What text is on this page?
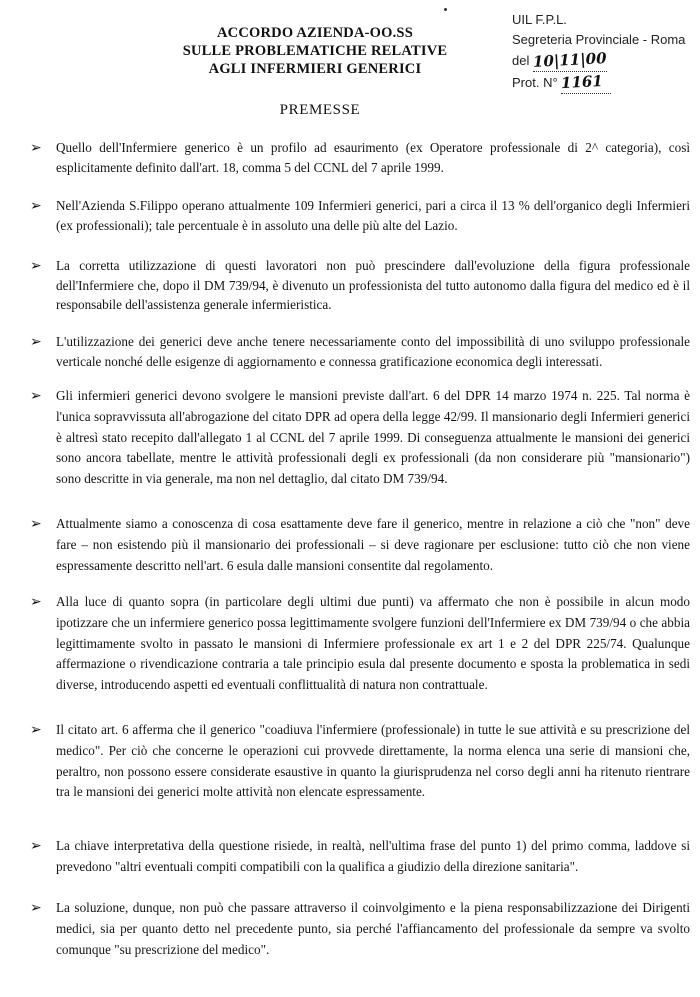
ACCORDO AZIENDA-OO.SS
SULLE PROBLEMATICHE RELATIVE
AGLI INFERMIERI GENERICI
UIL F.P.L.
Segreteria Provinciale - Roma
del 10|11|00
Prot. N° 1161
PREMESSE
➢ Quello dell'Infermiere generico è un profilo ad esaurimento (ex Operatore professionale di 2^ categoria), così esplicitamente definito dall'art. 18, comma 5 del CCNL del 7 aprile 1999.
➢ Nell'Azienda S.Filippo operano attualmente 109 Infermieri generici, pari a circa il 13 % dell'organico degli Infermieri (ex professionali); tale percentuale è in assoluto una delle più alte del Lazio.
➢ La corretta utilizzazione di questi lavoratori non può prescindere dall'evoluzione della figura professionale dell'Infermiere che, dopo il DM 739/94, è divenuto un professionista del tutto autonomo dalla figura del medico ed è il responsabile dell'assistenza generale infermieristica.
➢ L'utilizzazione dei generici deve anche tenere necessariamente conto del impossibilità di uno sviluppo professionale verticale nonché delle esigenze di aggiornamento e connessa gratificazione economica degli interessati.
➢ Gli infermieri generici devono svolgere le mansioni previste dall'art. 6 del DPR 14 marzo 1974 n. 225. Tal norma è l'unica sopravvissuta all'abrogazione del citato DPR ad opera della legge 42/99. Il mansionario degli Infermieri generici è altresì stato recepito dall'allegato 1 al CCNL del 7 aprile 1999. Di conseguenza attualmente le mansioni dei generici sono ancora tabellate, mentre le attività professionali degli ex professionali (da non considerare più "mansionario") sono descritte in via generale, ma non nel dettaglio, dal citato DM 739/94.
➢ Attualmente siamo a conoscenza di cosa esattamente deve fare il generico, mentre in relazione a ciò che "non" deve fare – non esistendo più il mansionario dei professionali – si deve ragionare per esclusione: tutto ciò che non viene espressamente descritto nell'art. 6 esula dalle mansioni consentite dal regolamento.
➢ Alla luce di quanto sopra (in particolare degli ultimi due punti) va affermato che non è possibile in alcun modo ipotizzare che un infermiere generico possa legittimamente svolgere funzioni dell'Infermiere ex DM 739/94 o che abbia legittimamente svolto in passato le mansioni di Infermiere professionale ex art 1 e 2 del DPR 225/74. Qualunque affermazione o rivendicazione contraria a tale principio esula dal presente documento e sposta la problematica in sedi diverse, introducendo aspetti ed eventuali conflittualità di natura non contrattuale.
➢ Il citato art. 6 afferma che il generico "coadiuva l'infermiere (professionale) in tutte le sue attività e su prescrizione del medico". Per ciò che concerne le operazioni cui provvede direttamente, la norma elenca una serie di mansioni che, peraltro, non possono essere considerate esaustive in quanto la giurisprudenza nel corso degli anni ha ritenuto rientrare tra le mansioni dei generici molte attività non elencate espressamente.
➢ La chiave interpretativa della questione risiede, in realtà, nell'ultima frase del punto 1) del primo comma, laddove si prevedono "altri eventuali compiti compatibili con la qualifica a giudizio della direzione sanitaria".
➢ La soluzione, dunque, non può che passare attraverso il coinvolgimento e la piena responsabilizzazione dei Dirigenti medici, sia per quanto detto nel precedente punto, sia perché l'affiancamento del professionale da sempre va svolto comunque "su prescrizione del medico".
